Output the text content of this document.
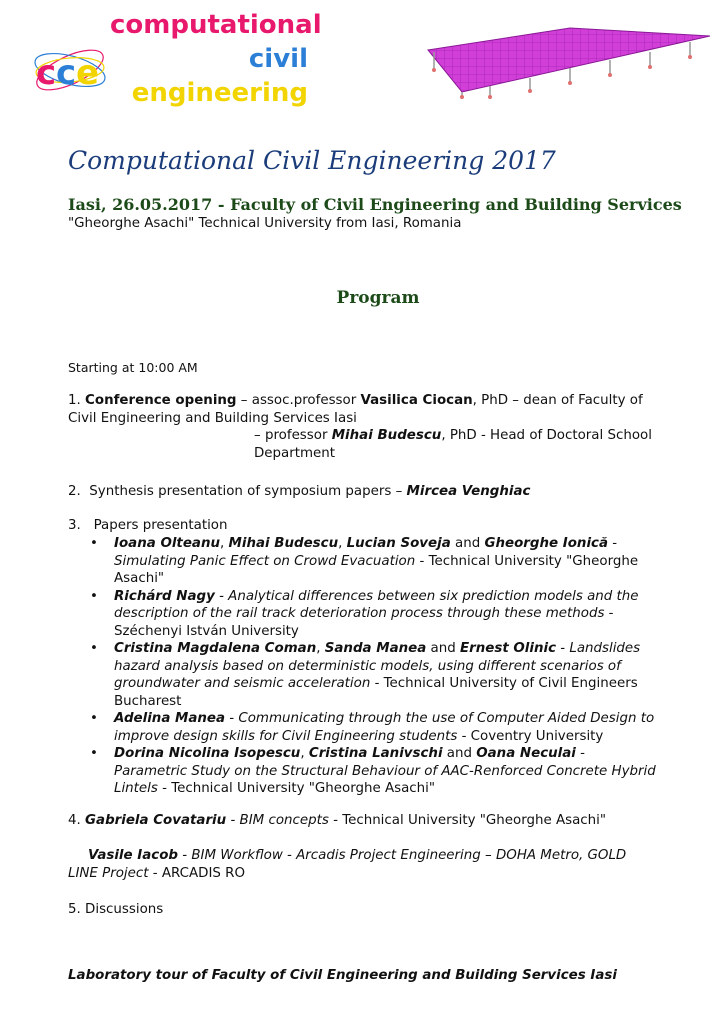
c c e
computational
civil
engineering
Computational Civil Engineering 2017
Iasi, 26.05.2017 - Faculty of Civil Engineering and Building Services
"Gheorghe Asachi" Technical University from Iasi, Romania
Program
Starting at 10:00 AM
1. Conference opening – assoc.professor Vasilica Ciocan, PhD – dean of Faculty of
Civil Engineering and Building Services Iasi
– professor Mihai Budescu, PhD - Head of Doctoral School
Department
2. Synthesis presentation of symposium papers – Mircea Venghiac
3. Papers presentation
• Ioana Olteanu, Mihai Budescu, Lucian Soveja and Gheorghe Ionică -
Simulating Panic Effect on Crowd Evacuation - Technical University "Gheorghe
Asachi"
• Richárd Nagy - Analytical differences between six prediction models and the
description of the rail track deterioration process through these methods -
Széchenyi István University
• Cristina Magdalena Coman, Sanda Manea and Ernest Olinic - Landslides
hazard analysis based on deterministic models, using different scenarios of
groundwater and seismic acceleration - Technical University of Civil Engineers
Bucharest
• Adelina Manea - Communicating through the use of Computer Aided Design to
improve design skills for Civil Engineering students - Coventry University
• Dorina Nicolina Isopescu, Cristina Lanivschi and Oana Neculai -
Parametric Study on the Structural Behaviour of AAC-Renforced Concrete Hybrid
Lintels - Technical University "Gheorghe Asachi"
4. Gabriela Covatariu - BIM concepts - Technical University "Gheorghe Asachi"
Vasile Iacob - BIM Workflow - Arcadis Project Engineering – DOHA Metro, GOLD
LINE Project - ARCADIS RO
5. Discussions
Laboratory tour of Faculty of Civil Engineering and Building Services Iasi
